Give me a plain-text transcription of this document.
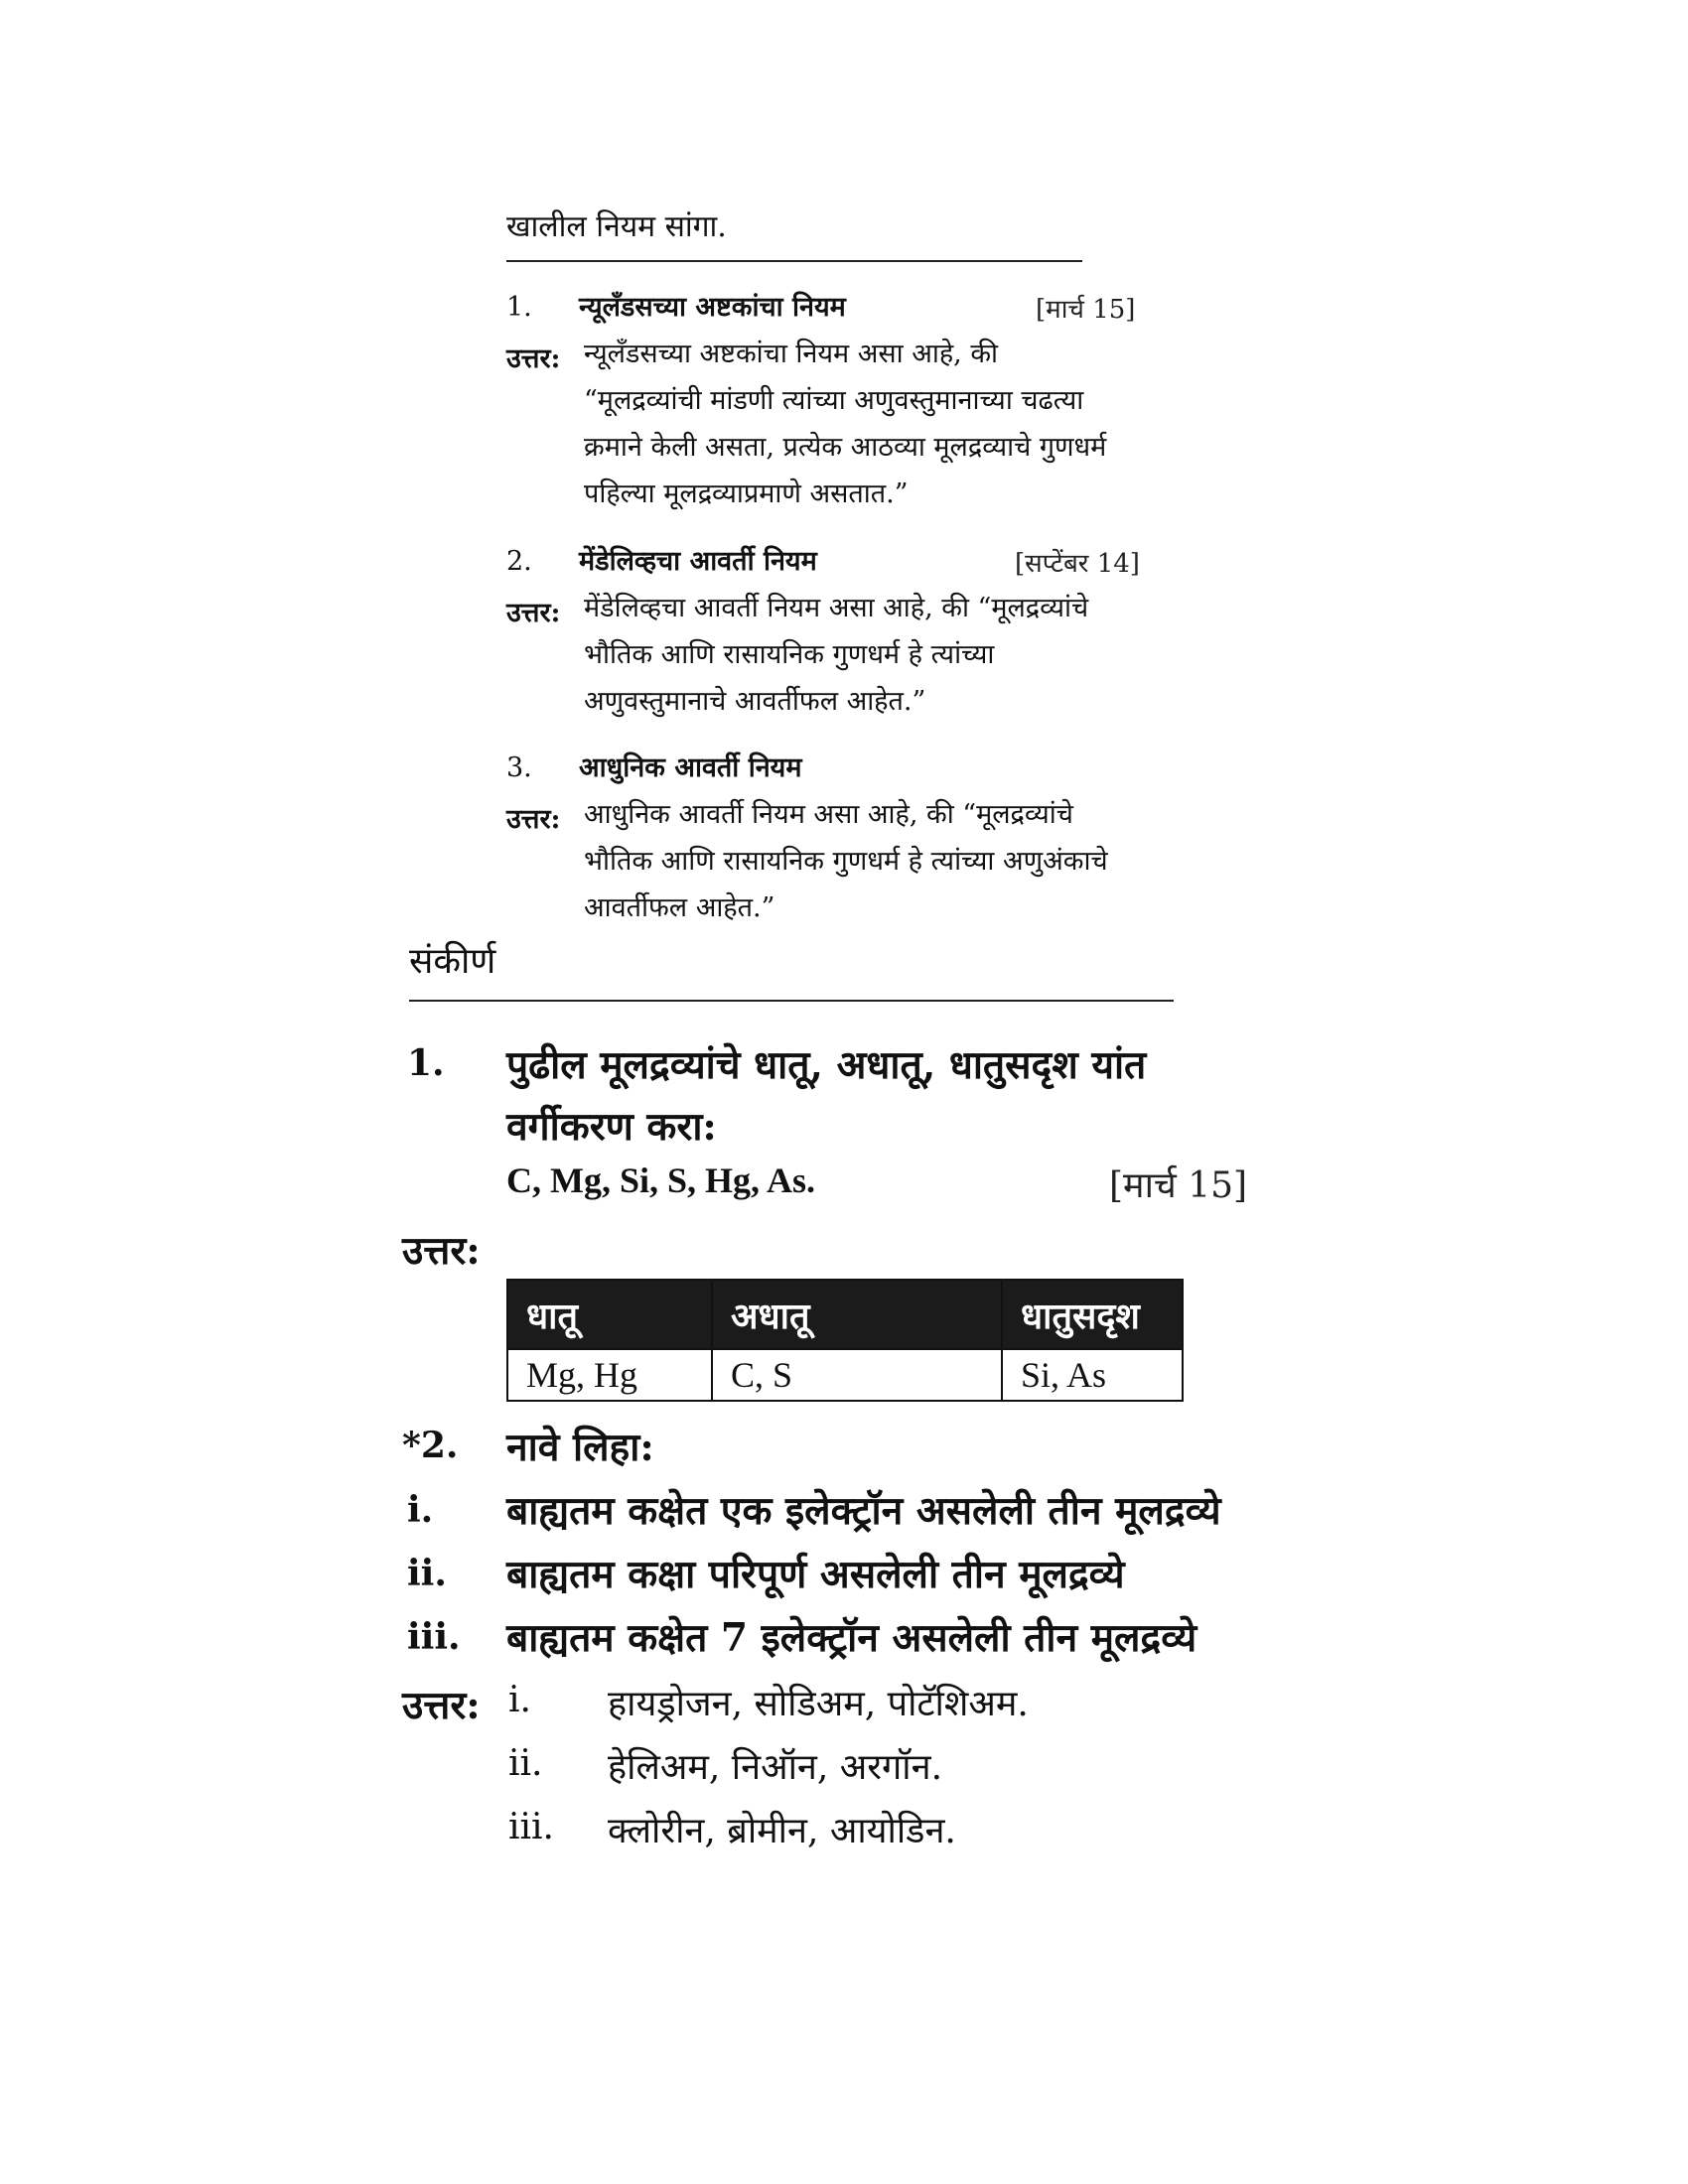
खालील नियम सांगा.
1. न्यूलँडसच्या अष्टकांचा नियम	[मार्च 15]
उत्तर: न्यूलँडसच्या अष्टकांचा नियम असा आहे, की
“मूलद्रव्यांची मांडणी त्यांच्या अणुवस्तुमानाच्या चढत्या
क्रमाने केली असता, प्रत्येक आठव्या मूलद्रव्याचे गुणधर्म
पहिल्या मूलद्रव्याप्रमाणे असतात.”
2. मेंडेलिव्हचा आवर्ती नियम	[सप्टेंबर 14]
उत्तर: मेंडेलिव्हचा आवर्ती नियम असा आहे, की “मूलद्रव्यांचे
भौतिक आणि रासायनिक गुणधर्म हे त्यांच्या
अणुवस्तुमानाचे आवर्तीफल आहेत.”
3. आधुनिक आवर्ती नियम
उत्तर: आधुनिक आवर्ती नियम असा आहे, की “मूलद्रव्यांचे
भौतिक आणि रासायनिक गुणधर्म हे त्यांच्या अणुअंकाचे
आवर्तीफल आहेत.”
संकीर्ण
1. पुढील मूलद्रव्यांचे धातू, अधातू, धातुसदृश यांत
वर्गीकरण करा:
C, Mg, Si, S, Hg, As.	[मार्च 15]
उत्तर:
धातू	अधातू	धातुसदृश
Mg, Hg	C, S	Si, As
*2. नावे लिहा:
i. बाह्यतम कक्षेत एक इलेक्ट्रॉन असलेली तीन मूलद्रव्ये
ii. बाह्यतम कक्षा परिपूर्ण असलेली तीन मूलद्रव्ये
iii. बाह्यतम कक्षेत 7 इलेक्ट्रॉन असलेली तीन मूलद्रव्ये
उत्तर: i. हायड्रोजन, सोडिअम, पोटॅशिअम.
ii. हेलिअम, निऑन, अरगॉन.
iii. क्लोरीन, ब्रोमीन, आयोडिन.
